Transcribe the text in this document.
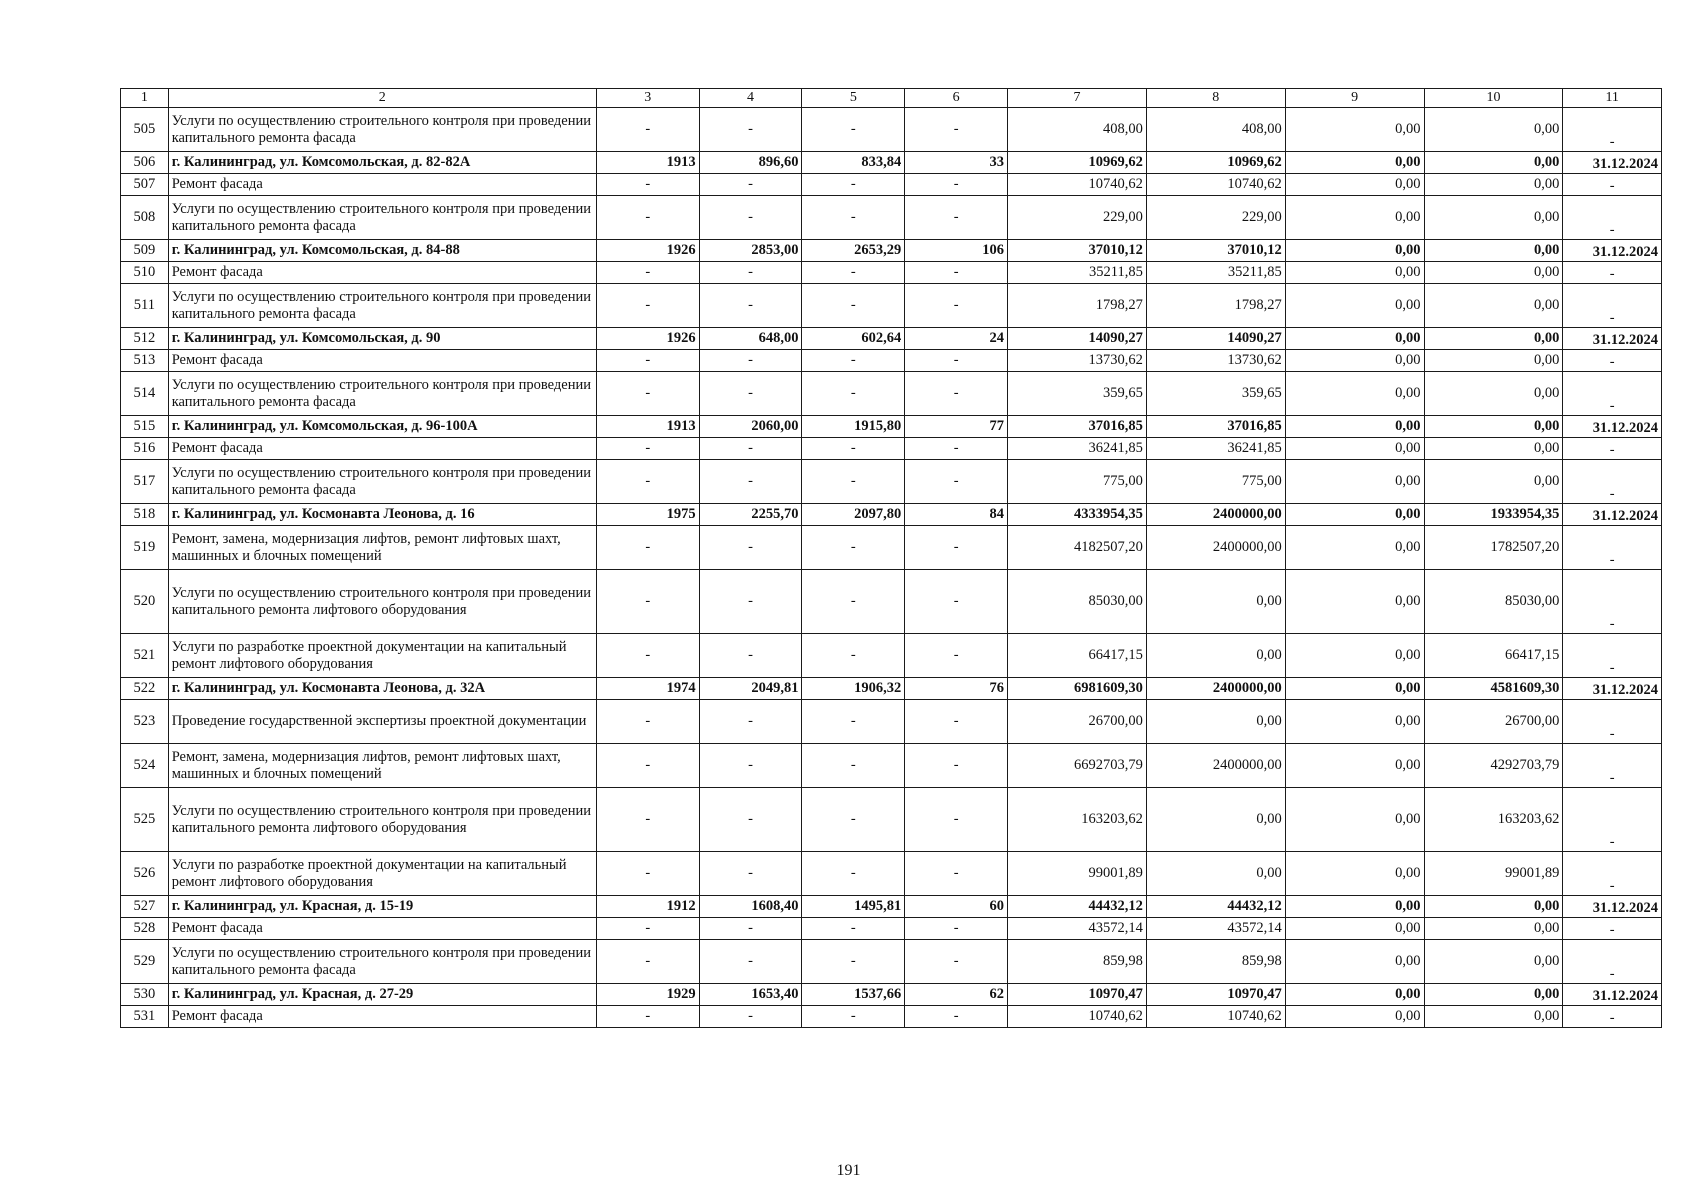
1	2	3	4	5	6	7	8	9	10	11
505	Услуги по осуществлению строительного контроля при проведении капитального ремонта фасада	-	-	-	-	408,00	408,00	0,00	0,00	-
506	г. Калининград, ул. Комсомольская, д. 82-82А	1913	896,60	833,84	33	10969,62	10969,62	0,00	0,00	31.12.2024
507	Ремонт фасада	-	-	-	-	10740,62	10740,62	0,00	0,00	-
508	Услуги по осуществлению строительного контроля при проведении капитального ремонта фасада	-	-	-	-	229,00	229,00	0,00	0,00	-
509	г. Калининград, ул. Комсомольская, д. 84-88	1926	2853,00	2653,29	106	37010,12	37010,12	0,00	0,00	31.12.2024
510	Ремонт фасада	-	-	-	-	35211,85	35211,85	0,00	0,00	-
511	Услуги по осуществлению строительного контроля при проведении капитального ремонта фасада	-	-	-	-	1798,27	1798,27	0,00	0,00	-
512	г. Калининград, ул. Комсомольская, д. 90	1926	648,00	602,64	24	14090,27	14090,27	0,00	0,00	31.12.2024
513	Ремонт фасада	-	-	-	-	13730,62	13730,62	0,00	0,00	-
514	Услуги по осуществлению строительного контроля при проведении капитального ремонта фасада	-	-	-	-	359,65	359,65	0,00	0,00	-
515	г. Калининград, ул. Комсомольская, д. 96-100А	1913	2060,00	1915,80	77	37016,85	37016,85	0,00	0,00	31.12.2024
516	Ремонт фасада	-	-	-	-	36241,85	36241,85	0,00	0,00	-
517	Услуги по осуществлению строительного контроля при проведении капитального ремонта фасада	-	-	-	-	775,00	775,00	0,00	0,00	-
518	г. Калининград, ул. Космонавта Леонова, д. 16	1975	2255,70	2097,80	84	4333954,35	2400000,00	0,00	1933954,35	31.12.2024
519	Ремонт, замена, модернизация лифтов, ремонт лифтовых шахт, машинных и блочных помещений	-	-	-	-	4182507,20	2400000,00	0,00	1782507,20	-
520	Услуги по осуществлению строительного контроля при проведении капитального ремонта лифтового оборудования	-	-	-	-	85030,00	0,00	0,00	85030,00	-
521	Услуги по разработке проектной документации на капитальный ремонт лифтового оборудования	-	-	-	-	66417,15	0,00	0,00	66417,15	-
522	г. Калининград, ул. Космонавта Леонова, д. 32А	1974	2049,81	1906,32	76	6981609,30	2400000,00	0,00	4581609,30	31.12.2024
523	Проведение государственной экспертизы проектной документации	-	-	-	-	26700,00	0,00	0,00	26700,00	-
524	Ремонт, замена, модернизация лифтов, ремонт лифтовых шахт, машинных и блочных помещений	-	-	-	-	6692703,79	2400000,00	0,00	4292703,79	-
525	Услуги по осуществлению строительного контроля при проведении капитального ремонта лифтового оборудования	-	-	-	-	163203,62	0,00	0,00	163203,62	-
526	Услуги по разработке проектной документации на капитальный ремонт лифтового оборудования	-	-	-	-	99001,89	0,00	0,00	99001,89	-
527	г. Калининград, ул. Красная, д. 15-19	1912	1608,40	1495,81	60	44432,12	44432,12	0,00	0,00	31.12.2024
528	Ремонт фасада	-	-	-	-	43572,14	43572,14	0,00	0,00	-
529	Услуги по осуществлению строительного контроля при проведении капитального ремонта фасада	-	-	-	-	859,98	859,98	0,00	0,00	-
530	г. Калининград, ул. Красная, д. 27-29	1929	1653,40	1537,66	62	10970,47	10970,47	0,00	0,00	31.12.2024
531	Ремонт фасада	-	-	-	-	10740,62	10740,62	0,00	0,00	-
191
